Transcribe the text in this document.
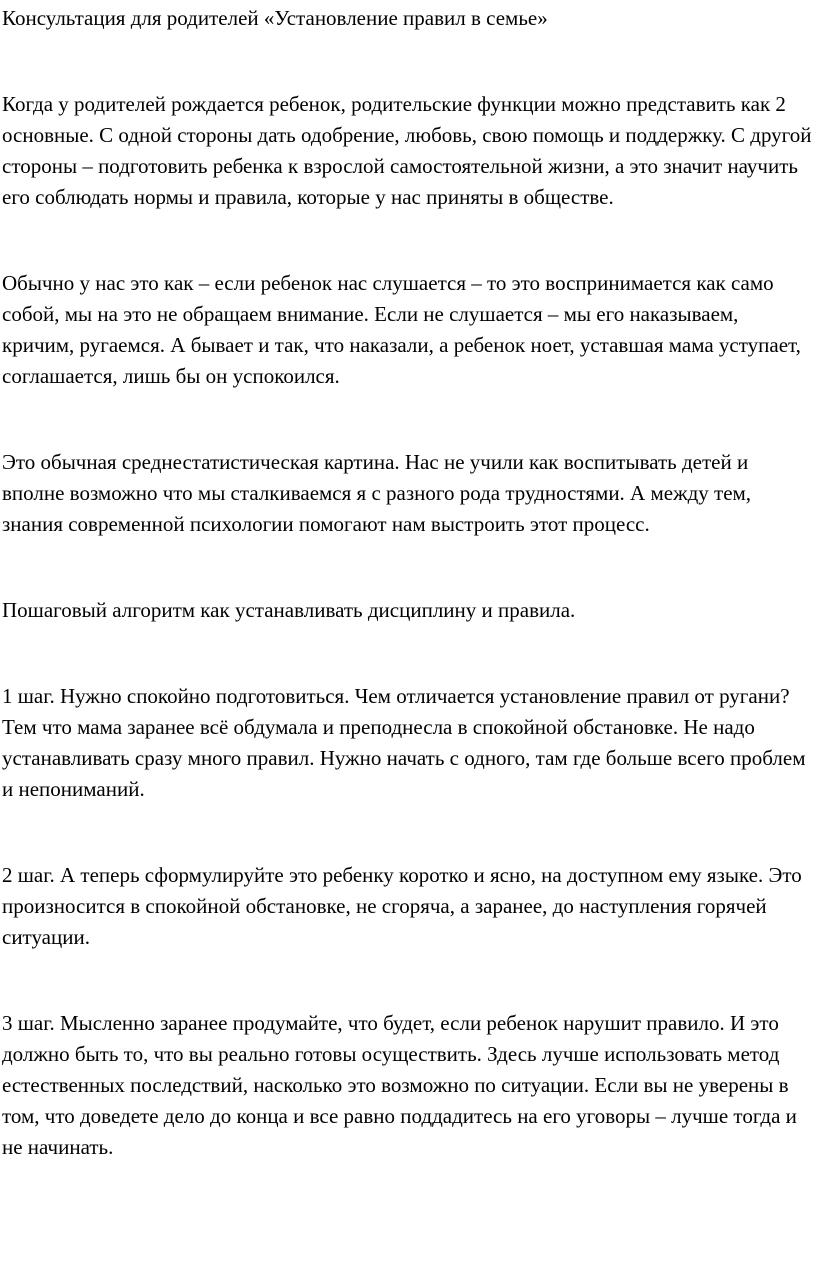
Консультация для родителей «Установление правил в семье»

Когда у родителей рождается ребенок, родительские функции можно представить как 2 основные. С одной стороны дать одобрение, любовь, свою помощь и поддержку. С другой стороны – подготовить ребенка к взрослой самостоятельной жизни, а это значит научить его соблюдать нормы и правила, которые у нас приняты в обществе.

Обычно у нас это как – если ребенок нас слушается – то это воспринимается как само собой, мы на это не обращаем внимание. Если не слушается – мы его наказываем, кричим, ругаемся. А бывает и так, что наказали, а ребенок ноет, уставшая мама уступает, соглашается, лишь бы он успокоился.

Это обычная среднестатистическая картина. Нас не учили как воспитывать детей и вполне возможно что мы сталкиваемся я с разного рода трудностями. А между тем, знания современной психологии помогают нам выстроить этот процесс.

Пошаговый алгоритм как устанавливать дисциплину и правила.

1 шаг. Нужно спокойно подготовиться. Чем отличается установление правил от ругани? Тем что мама заранее всё обдумала и преподнесла в спокойной обстановке. Не надо устанавливать сразу много правил. Нужно начать с одного, там где больше всего проблем и непониманий.

2 шаг. А теперь сформулируйте это ребенку коротко и ясно, на доступном ему языке. Это произносится в спокойной обстановке, не сгоряча, а заранее, до наступления горячей ситуации.

3 шаг. Мысленно заранее продумайте, что будет, если ребенок нарушит правило. И это должно быть то, что вы реально готовы осуществить. Здесь лучше использовать метод естественных последствий, насколько это возможно по ситуации. Если вы не уверены в том, что доведете дело до конца и все равно поддадитесь на его уговоры – лучше тогда и не начинать.
